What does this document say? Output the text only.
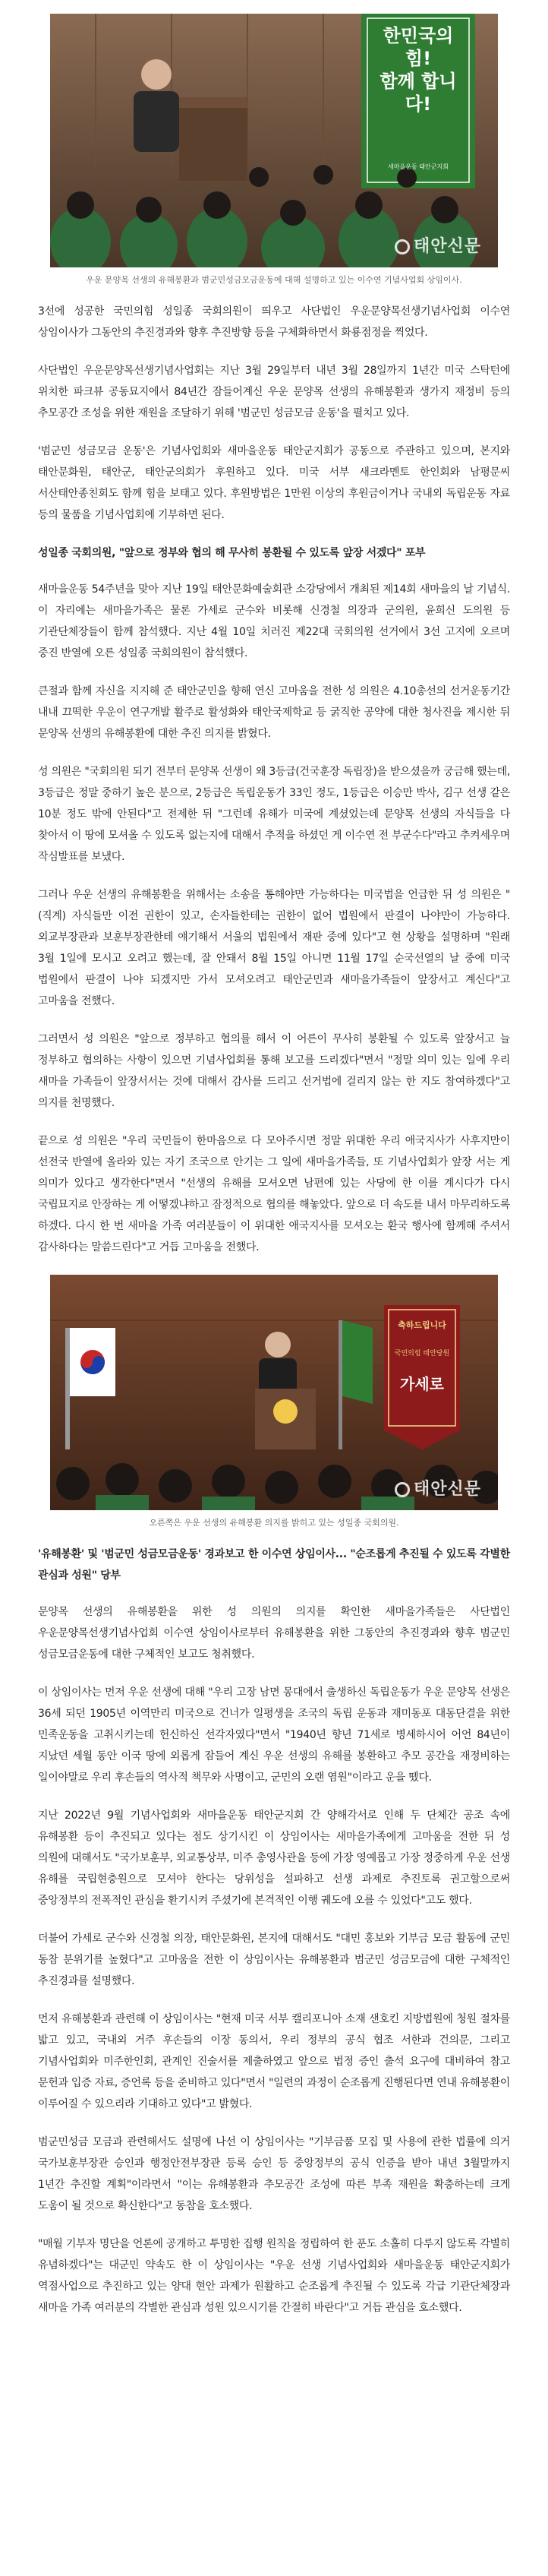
한민국의 힘!
함께 합니다!
새마을운동 태안군지회
태안신문
우운 문양목 선생의 유해봉환과 범군민성금모금운동에 대해 설명하고 있는 이수연 기념사업회 상임이사.

3선에 성공한 국민의힘 성일종 국회의원이 띄우고 사단법인 우운문양목선생기념사업회 이수연 상임이사가 그동안의 추진경과와 향후 추진방향 등을 구체화하면서 화룡점정을 찍었다.

사단법인 우운문양목선생기념사업회는 지난 3월 29일부터 내년 3월 28일까지 1년간 미국 스탁턴에 위치한 파크뷰 공동묘지에서 84년간 잠들어계신 우운 문양목 선생의 유해봉환과 생가지 재정비 등의 추모공간 조성을 위한 재원을 조달하기 위해 '범군민 성금모금 운동'을 펼치고 있다.

'범군민 성금모금 운동'은 기념사업회와 새마을운동 태안군지회가 공동으로 주관하고 있으며, 본지와 태안문화원, 태안군, 태안군의회가 후원하고 있다. 미국 서부 새크라멘토 한인회와 남평문씨 서산태안종친회도 함께 힘을 보태고 있다. 후원방법은 1만원 이상의 후원금이거나 국내외 독립운동 자료 등의 물품을 기념사업회에 기부하면 된다.

성일종 국회의원, "앞으로 정부와 협의 해 무사히 봉환될 수 있도록 앞장 서겠다" 포부

새마을운동 54주년을 맞아 지난 19일 태안문화예술회관 소강당에서 개최된 제14회 새마을의 날 기념식. 이 자리에는 새마을가족은 물론 가세로 군수와 비롯해 신경철 의장과 군의원, 윤희신 도의원 등 기관단체장들이 함께 참석했다. 지난 4월 10일 치러진 제22대 국회의원 선거에서 3선 고지에 오르며 중진 반열에 오른 성일종 국회의원이 참석했다.

큰절과 함께 자신을 지지해 준 태안군민을 향해 연신 고마움을 전한 성 의원은 4.10총선의 선거운동기간 내내 끄떡한 우운이 연구개발 활주로 활성화와 태안국제학교 등 굵직한 공약에 대한 청사진을 제시한 뒤 문양목 선생의 유해봉환에 대한 추진 의지를 밝혔다.

성 의원은 "국회의원 되기 전부터 문양목 선생이 왜 3등급(건국훈장 독립장)을 받으셨을까 궁금해 했는데, 3등급은 정말 중하기 높은 분으로, 2등급은 독립운동가 33인 정도, 1등급은 이승만 박사, 김구 선생 같은 10분 정도 밖에 안된다"고 전제한 뒤 "그런데 유해가 미국에 계셨었는데 문양목 선생의 자식들을 다 찾아서 이 땅에 모셔올 수 있도록 없는지에 대해서 추적을 하셨던 게 이수연 전 부군수다"라고 추켜세우며 작심발표를 보냈다.

그러나 우운 선생의 유해봉환을 위해서는 소송을 통해야만 가능하다는 미국법을 언급한 뒤 성 의원은 "(직계) 자식들만 이전 권한이 있고, 손자들한테는 권한이 없어 법원에서 판결이 나야만이 가능하다. 외교부장관과 보훈부장관한테 얘기해서 서울의 법원에서 재판 중에 있다"고 현 상황을 설명하며 "원래 3월 1일에 모시고 오려고 했는데, 잘 안돼서 8월 15일 아니면 11월 17일 순국선열의 날 중에 미국 법원에서 판결이 나야 되겠지만 가서 모셔오려고 태안군민과 새마을가족들이 앞장서고 계신다"고 고마움을 전했다.

그러면서 성 의원은 "앞으로 정부하고 협의를 해서 이 어른이 무사히 봉환될 수 있도록 앞장서고 늘 정부하고 협의하는 사항이 있으면 기념사업회를 통해 보고를 드리겠다"면서 "정말 의미 있는 일에 우리 새마을 가족들이 앞장서서는 것에 대해서 감사를 드리고 선거법에 걸리지 않는 한 지도 참여하겠다"고 의지를 천명했다.

끝으로 성 의원은 "우리 국민들이 한마음으로 다 모아주시면 정말 위대한 우리 애국지사가 사후지만이 선전국 반열에 올라와 있는 자기 조국으로 안기는 그 일에 새마을가족들, 또 기념사업회가 앞장 서는 게 의미가 있다고 생각한다"면서 "선생의 유해를 모셔오면 남편에 있는 사당에 한 이를 계시다가 다시 국립묘지로 안장하는 게 어떻겠냐하고 잠정적으로 협의를 해놓았다. 앞으로 더 속도를 내서 마무리하도록 하겠다. 다시 한 번 새마을 가족 여러분들이 이 위대한 애국지사를 모셔오는 환국 행사에 함께해 주셔서 감사하다는 말씀드린다"고 거듭 고마움을 전했다.

축하드립니다
국민의힘 태안당원
가세로
태안신문
오른쪽은 우운 선생의 유해봉환 의지를 밝히고 있는 성일종 국회의원.
'유해봉환' 및 '범군민 성금모금운동' 경과보고 한 이수연 상임이사... "순조롭게 추진될 수 있도록 각별한 관심과 성원" 당부

문양목 선생의 유해봉환을 위한 성 의원의 의지를 확인한 새마을가족들은 사단법인 우운문양목선생기념사업회 이수연 상임이사로부터 유해봉환을 위한 그동안의 추진경과와 향후 범군민 성금모금운동에 대한 구체적인 보고도 청취했다.

이 상임이사는 먼저 우운 선생에 대해 "우리 고장 남면 몽대에서 출생하신 독립운동가 우운 문양목 선생은 36세 되던 1905년 이역만리 미국으로 건너가 일평생을 조국의 독립 운동과 재미동포 대동단결을 위한 민족운동을 고취시키는데 헌신하신 선각자였다"면서 "1940년 향년 71세로 병세하시어 어언 84년이 지났던 세월 동안 이국 땅에 외롭게 잠들어 계신 우운 선생의 유해를 봉환하고 추모 공간을 재정비하는 일이야말로 우리 후손들의 역사적 책무와 사명이고, 군민의 오랜 염원"이라고 운을 뗐다.

지난 2022년 9월 기념사업회와 새마을운동 태안군지회 간 양해각서로 인해 두 단체간 공조 속에 유해봉환 등이 추진되고 있다는 점도 상기시킨 이 상임이사는 새마을가족에게 고마움을 전한 뒤 성 의원에 대해서도 "국가보훈부, 외교통상부, 미주 총영사관을 등에 가장 영예롭고 가장 정중하게 우운 선생 유해를 국립현충원으로 모셔야 한다는 당위성을 설파하고 선생 과제로 추진토록 권고할으로써 중앙정부의 전폭적인 관심을 환기시켜 주셨기에 본격적인 이행 궤도에 오를 수 있었다"고도 했다.

더불어 가세로 군수와 신경철 의장, 태안문화원, 본지에 대해서도 "대민 홍보와 기부금 모금 활동에 군민 동참 분위기를 높혔다"고 고마움을 전한 이 상임이사는 유해봉환과 범군민 성금모금에 대한 구체적인 추진경과를 설명했다.

먼저 유해봉환과 관련해 이 상임이사는 "현재 미국 서부 캘리포니아 소재 샌호킨 지방법원에 청원 절차를 밟고 있고, 국내외 거주 후손들의 이장 동의서, 우리 정부의 공식 협조 서한과 건의문, 그리고 기념사업회와 미주한인회, 관계인 진술서를 제출하였고 앞으로 법정 증인 출석 요구에 대비하여 참고 문헌과 입증 자료, 증언록 등을 준비하고 있다"면서 "일련의 과정이 순조롭게 진행된다면 연내 유해봉환이 이루어질 수 있으리라 기대하고 있다"고 밝혔다.

범군민성금 모금과 관련해서도 설명에 나선 이 상임이사는 "기부금품 모집 및 사용에 관한 법률에 의거 국가보훈부장관 승인과 행정안전부장관 등록 승인 등 중앙정부의 공식 인증을 받아 내년 3월말까지 1년간 추진할 계획"이라면서 "이는 유해봉환과 추모공간 조성에 따른 부족 재원을 확충하는데 크게 도움이 될 것으로 확신한다"고 동참을 호소했다.

"매월 기부자 명단을 언론에 공개하고 투명한 집행 원칙을 정립하여 한 푼도 소홀히 다루지 않도록 각별히 유념하겠다"는 대군민 약속도 한 이 상임이사는 "우운 선생 기념사업회와 새마을운동 태안군지회가 역점사업으로 추진하고 있는 양대 현안 과제가 원활하고 순조롭게 추진될 수 있도록 각급 기관단체장과 새마을 가족 여러분의 각별한 관심과 성원 있으시기를 간절히 바란다"고 거듭 관심을 호소했다.
